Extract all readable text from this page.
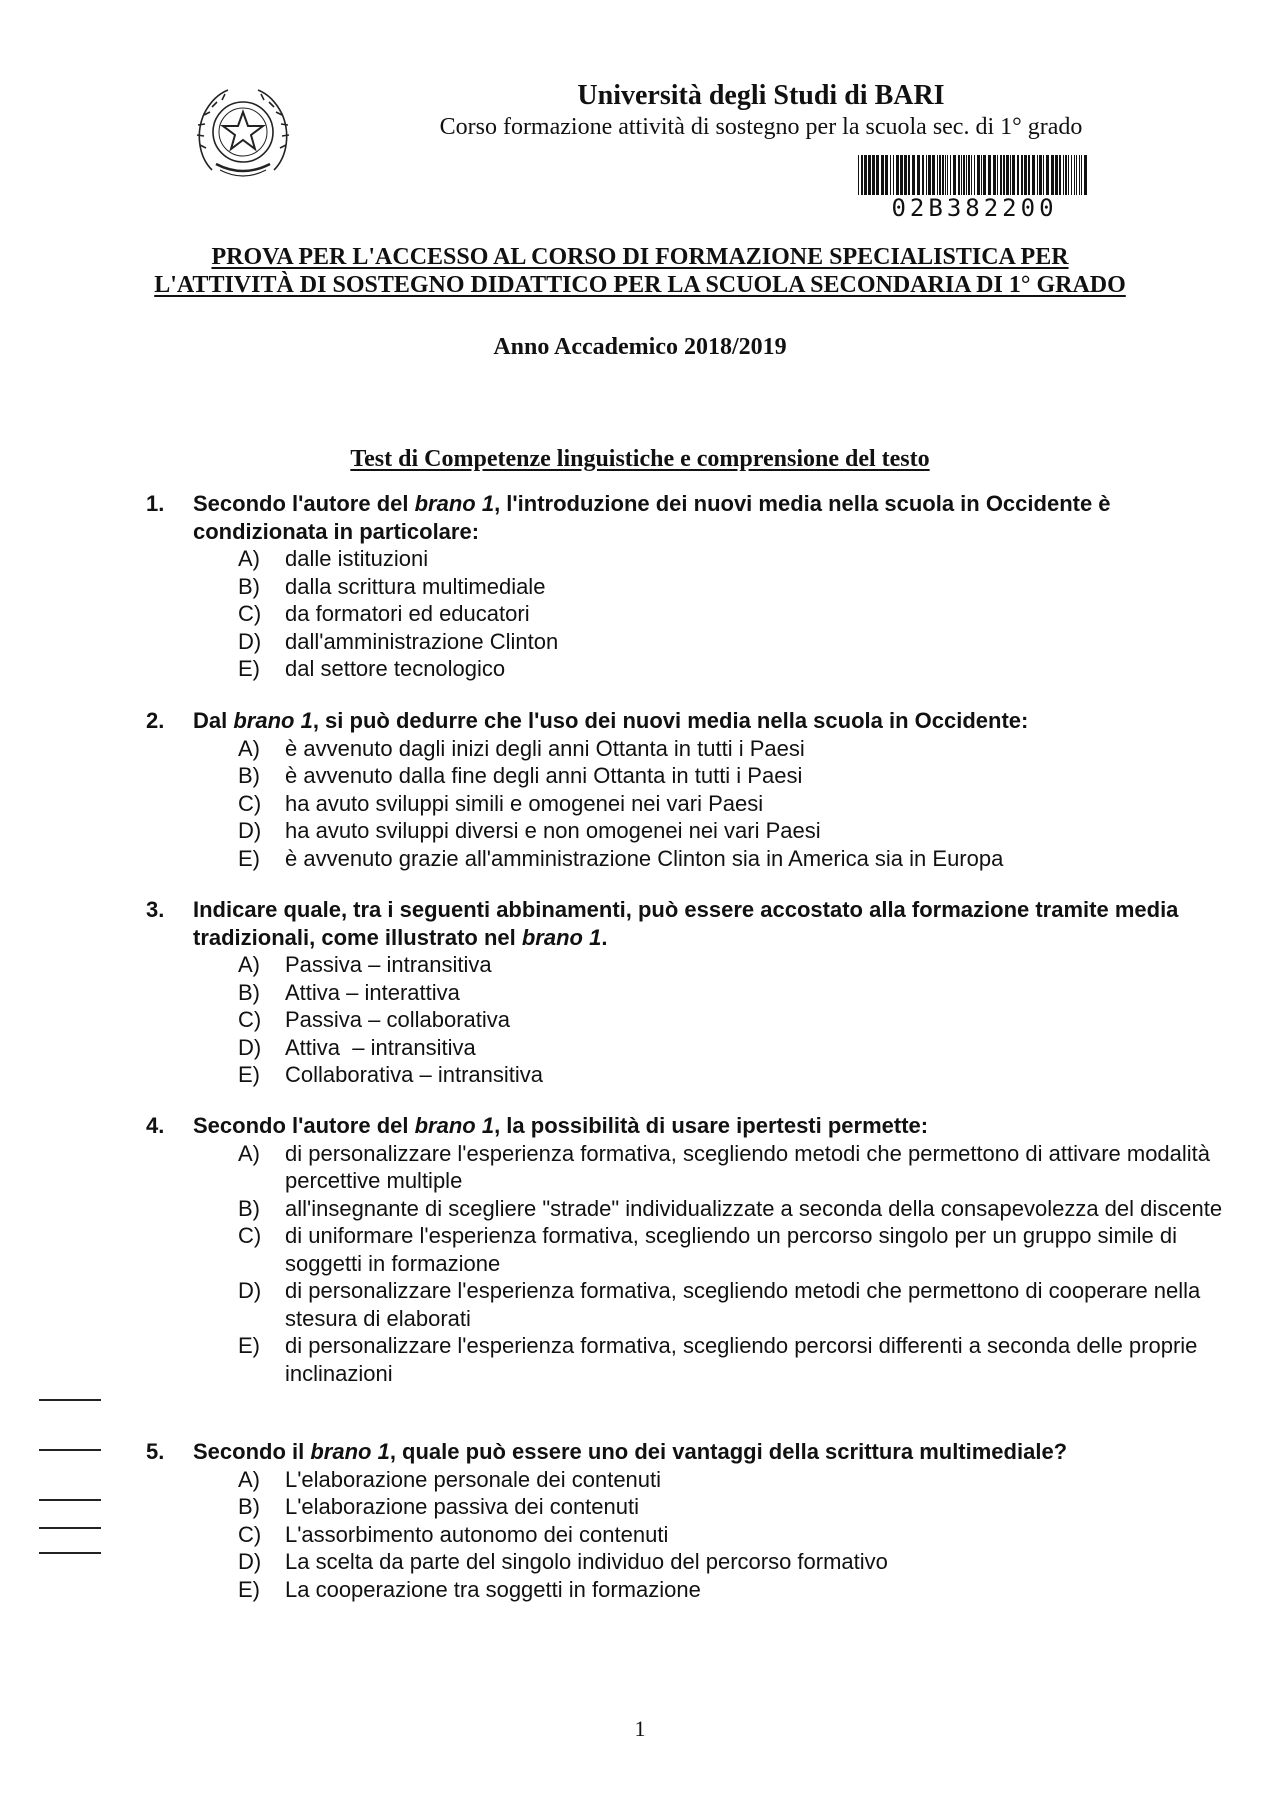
Università degli Studi di BARI
Corso formazione attività di sostegno per la scuola sec. di 1° grado
02B382200
PROVA PER L'ACCESSO AL CORSO DI FORMAZIONE SPECIALISTICA PER
L'ATTIVITÀ DI SOSTEGNO DIDATTICO PER LA SCUOLA SECONDARIA DI 1° GRADO
Anno Accademico 2018/2019
Test di Competenze linguistiche e comprensione del testo
1. Secondo l'autore del brano 1, l'introduzione dei nuovi media nella scuola in Occidente è condizionata in particolare:
A) dalle istituzioni
B) dalla scrittura multimediale
C) da formatori ed educatori
D) dall'amministrazione Clinton
E) dal settore tecnologico
2. Dal brano 1, si può dedurre che l'uso dei nuovi media nella scuola in Occidente:
A) è avvenuto dagli inizi degli anni Ottanta in tutti i Paesi
B) è avvenuto dalla fine degli anni Ottanta in tutti i Paesi
C) ha avuto sviluppi simili e omogenei nei vari Paesi
D) ha avuto sviluppi diversi e non omogenei nei vari Paesi
E) è avvenuto grazie all'amministrazione Clinton sia in America sia in Europa
3. Indicare quale, tra i seguenti abbinamenti, può essere accostato alla formazione tramite media tradizionali, come illustrato nel brano 1.
A) Passiva – intransitiva
B) Attiva – interattiva
C) Passiva – collaborativa
D) Attiva  – intransitiva
E) Collaborativa – intransitiva
4. Secondo l'autore del brano 1, la possibilità di usare ipertesti permette:
A) di personalizzare l'esperienza formativa, scegliendo metodi che permettono di attivare modalità percettive multiple
B) all'insegnante di scegliere "strade" individualizzate a seconda della consapevolezza del discente
C) di uniformare l'esperienza formativa, scegliendo un percorso singolo per un gruppo simile di soggetti in formazione
D) di personalizzare l'esperienza formativa, scegliendo metodi che permettono di cooperare nella stesura di elaborati
E) di personalizzare l'esperienza formativa, scegliendo percorsi differenti a seconda delle proprie inclinazioni
5. Secondo il brano 1, quale può essere uno dei vantaggi della scrittura multimediale?
A) L'elaborazione personale dei contenuti
B) L'elaborazione passiva dei contenuti
C) L'assorbimento autonomo dei contenuti
D) La scelta da parte del singolo individuo del percorso formativo
E) La cooperazione tra soggetti in formazione
1
